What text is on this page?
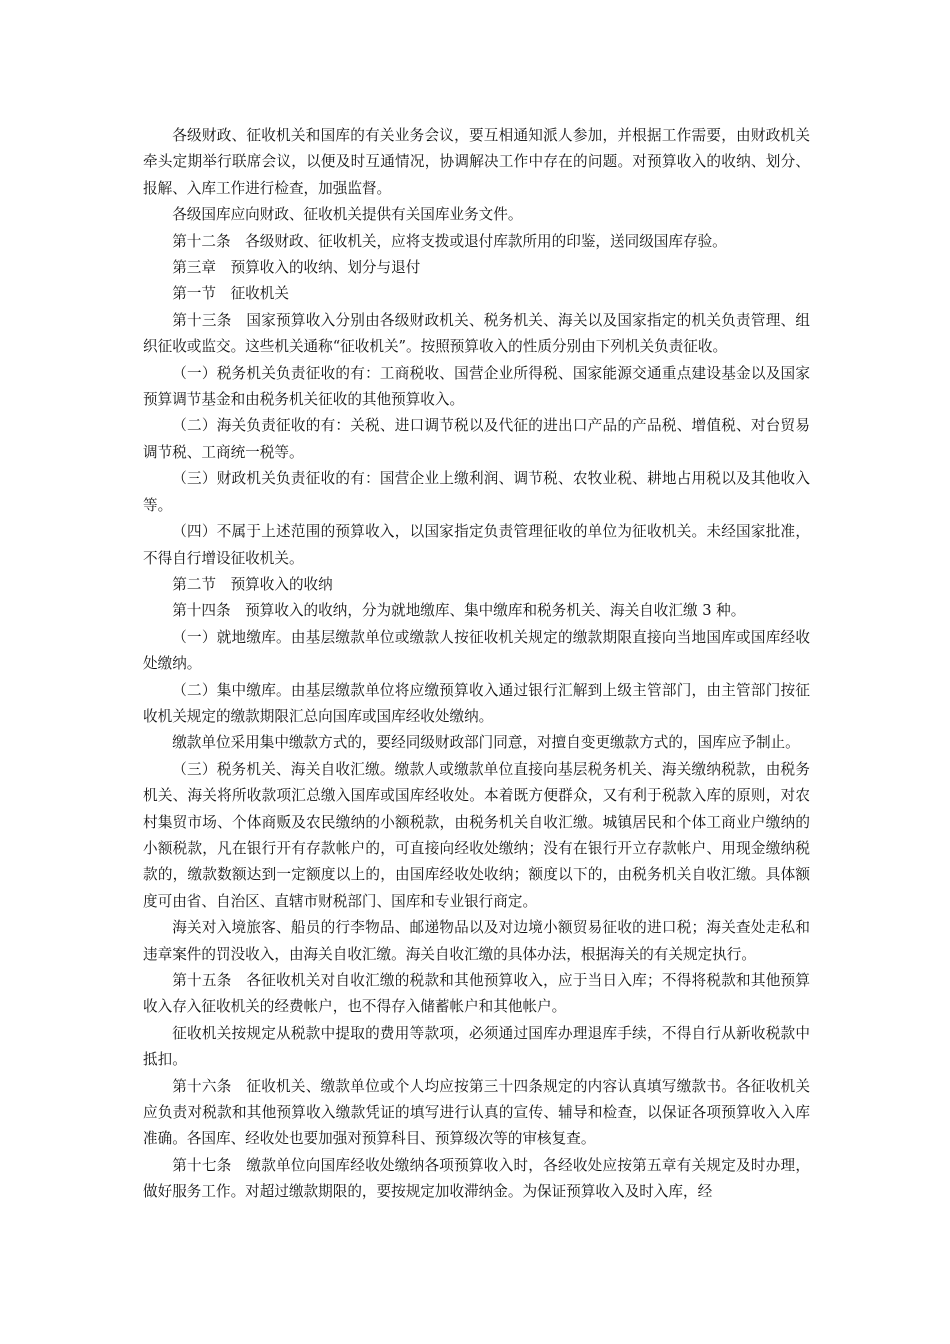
各级财政、征收机关和国库的有关业务会议，要互相通知派人参加，并根据工作需要，由财政机关牵头定期举行联席会议，以便及时互通情况，协调解决工作中存在的问题。对预算收入的收纳、划分、报解、入库工作进行检查，加强监督。

各级国库应向财政、征收机关提供有关国库业务文件。

第十二条　各级财政、征收机关，应将支拨或退付库款所用的印鉴，送同级国库存验。

第三章　预算收入的收纳、划分与退付

第一节　征收机关

第十三条　国家预算收入分别由各级财政机关、税务机关、海关以及国家指定的机关负责管理、组织征收或监交。这些机关通称“征收机关”。按照预算收入的性质分别由下列机关负责征收。

（一）税务机关负责征收的有：工商税收、国营企业所得税、国家能源交通重点建设基金以及国家预算调节基金和由税务机关征收的其他预算收入。

（二）海关负责征收的有：关税、进口调节税以及代征的进出口产品的产品税、增值税、对台贸易调节税、工商统一税等。

（三）财政机关负责征收的有：国营企业上缴利润、调节税、农牧业税、耕地占用税以及其他收入等。

（四）不属于上述范围的预算收入，以国家指定负责管理征收的单位为征收机关。未经国家批准，不得自行增设征收机关。

第二节　预算收入的收纳

第十四条　预算收入的收纳，分为就地缴库、集中缴库和税务机关、海关自收汇缴 3 种。

（一）就地缴库。由基层缴款单位或缴款人按征收机关规定的缴款期限直接向当地国库或国库经收处缴纳。

（二）集中缴库。由基层缴款单位将应缴预算收入通过银行汇解到上级主管部门，由主管部门按征收机关规定的缴款期限汇总向国库或国库经收处缴纳。

缴款单位采用集中缴款方式的，要经同级财政部门同意，对擅自变更缴款方式的，国库应予制止。

（三）税务机关、海关自收汇缴。缴款人或缴款单位直接向基层税务机关、海关缴纳税款，由税务机关、海关将所收款项汇总缴入国库或国库经收处。本着既方便群众，又有利于税款入库的原则，对农村集贸市场、个体商贩及农民缴纳的小额税款，由税务机关自收汇缴。城镇居民和个体工商业户缴纳的小额税款，凡在银行开有存款帐户的，可直接向经收处缴纳；没有在银行开立存款帐户、用现金缴纳税款的，缴款数额达到一定额度以上的，由国库经收处收纳；额度以下的，由税务机关自收汇缴。具体额度可由省、自治区、直辖市财税部门、国库和专业银行商定。

海关对入境旅客、船员的行李物品、邮递物品以及对边境小额贸易征收的进口税；海关查处走私和违章案件的罚没收入，由海关自收汇缴。海关自收汇缴的具体办法，根据海关的有关规定执行。

第十五条　各征收机关对自收汇缴的税款和其他预算收入，应于当日入库；不得将税款和其他预算收入存入征收机关的经费帐户，也不得存入储蓄帐户和其他帐户。

征收机关按规定从税款中提取的费用等款项，必须通过国库办理退库手续，不得自行从新收税款中抵扣。

第十六条　征收机关、缴款单位或个人均应按第三十四条规定的内容认真填写缴款书。各征收机关应负责对税款和其他预算收入缴款凭证的填写进行认真的宣传、辅导和检查，以保证各项预算收入入库准确。各国库、经收处也要加强对预算科目、预算级次等的审核复查。

第十七条　缴款单位向国库经收处缴纳各项预算收入时，各经收处应按第五章有关规定及时办理，做好服务工作。对超过缴款期限的，要按规定加收滞纳金。为保证预算收入及时入库，经
